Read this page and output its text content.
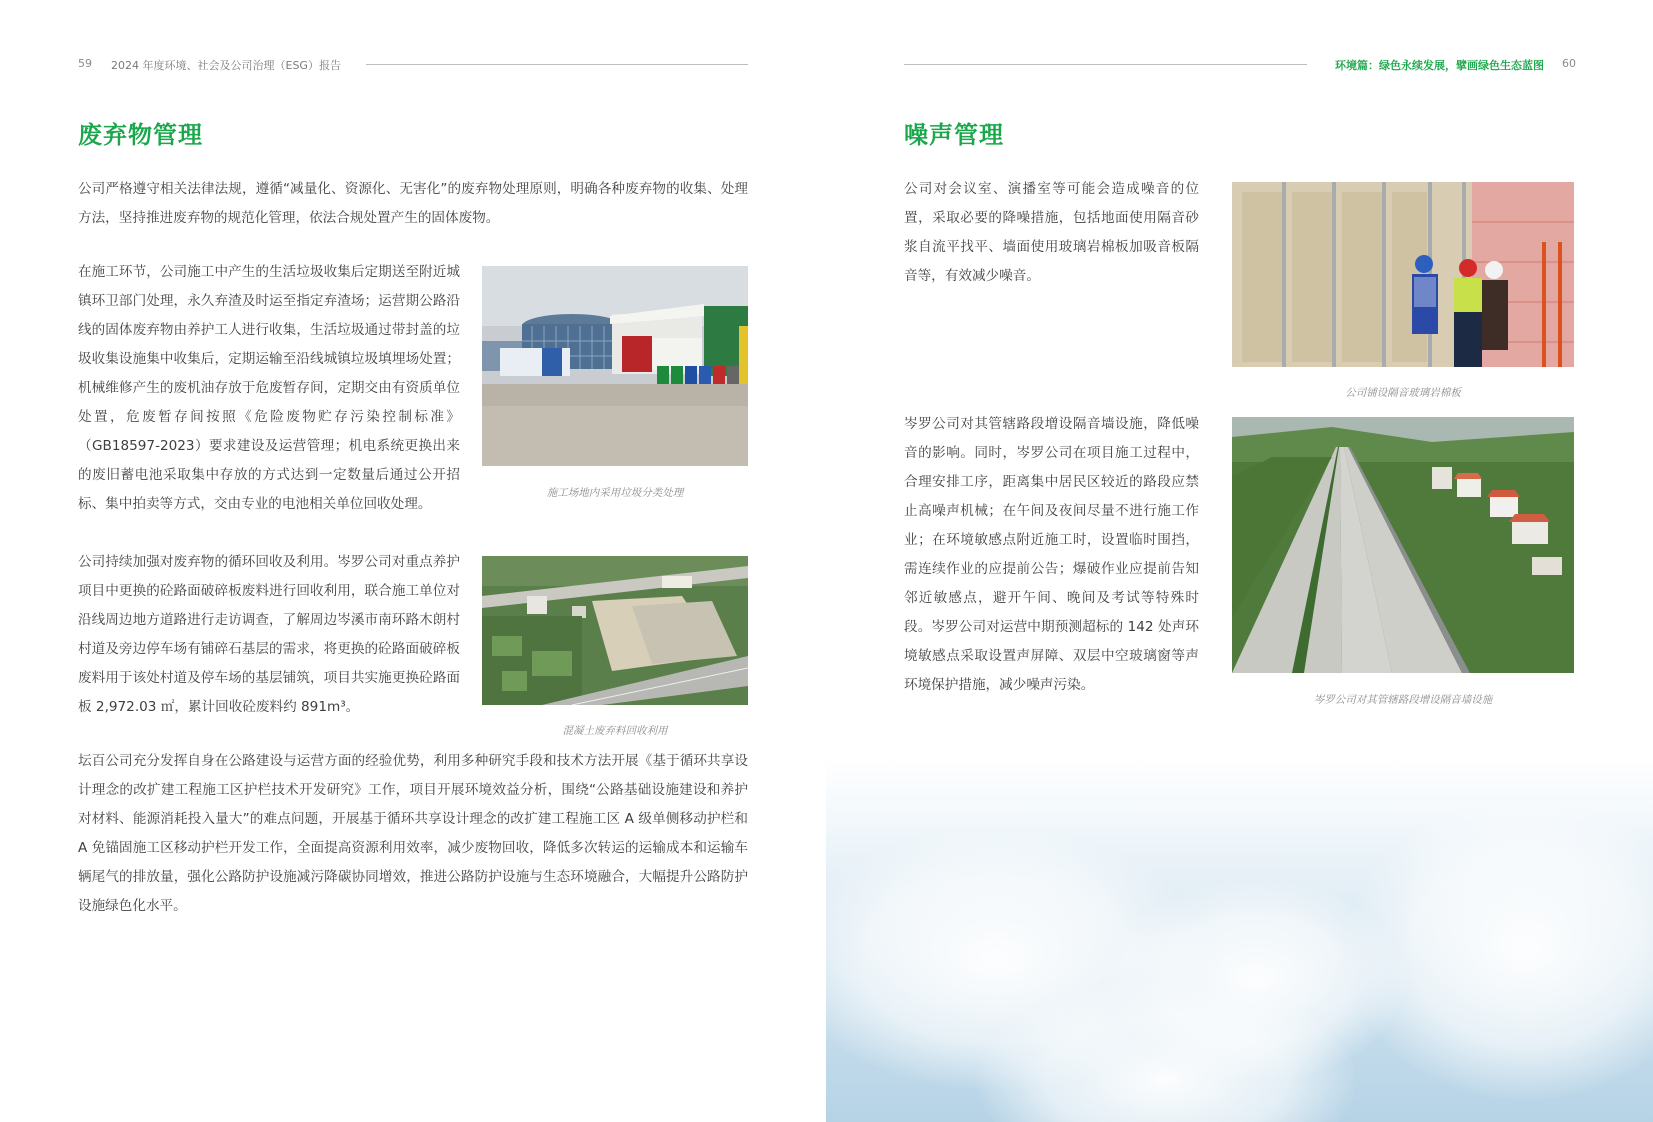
59 2024 年度环境、社会及公司治理（ESG）报告
废弃物管理

公司严格遵守相关法律法规，遵循“减量化、资源化、无害化”的废弃物处理原则，明确各种废弃物的收集、处理方法，坚持推进废弃物的规范化管理，依法合规处置产生的固体废物。

在施工环节，公司施工中产生的生活垃圾收集后定期送至附近城镇环卫部门处理，永久弃渣及时运至指定弃渣场；运营期公路沿线的固体废弃物由养护工人进行收集，生活垃圾通过带封盖的垃圾收集设施集中收集后，定期运输至沿线城镇垃圾填埋场处置；机械维修产生的废机油存放于危废暂存间，定期交由有资质单位处置，危废暂存间按照《危险废物贮存污染控制标准》（GB18597-2023）要求建设及运营管理；机电系统更换出来的废旧蓄电池采取集中存放的方式达到一定数量后通过公开招标、集中拍卖等方式，交由专业的电池相关单位回收处理。

施工场地内采用垃圾分类处理

公司持续加强对废弃物的循环回收及利用。岑罗公司对重点养护项目中更换的砼路面破碎板废料进行回收利用，联合施工单位对沿线周边地方道路进行走访调查，了解周边岑溪市南环路木朗村村道及旁边停车场有铺碎石基层的需求，将更换的砼路面破碎板废料用于该处村道及停车场的基层铺筑，项目共实施更换砼路面板 2,972.03 ㎡，累计回收砼废料约 891m³。

混凝土废弃料回收利用

坛百公司充分发挥自身在公路建设与运营方面的经验优势，利用多种研究手段和技术方法开展《基于循环共享设计理念的改扩建工程施工区护栏技术开发研究》工作，项目开展环境效益分析，围绕“公路基础设施建设和养护对材料、能源消耗投入量大”的难点问题，开展基于循环共享设计理念的改扩建工程施工区 A 级单侧移动护栏和 A 免锚固施工区移动护栏开发工作，全面提高资源利用效率，减少废物回收，降低多次转运的运输成本和运输车辆尾气的排放量，强化公路防护设施减污降碳协同增效，推进公路防护设施与生态环境融合，大幅提升公路防护设施绿色化水平。

环境篇：绿色永续发展，擘画绿色生态蓝图 60
噪声管理

公司对会议室、演播室等可能会造成噪音的位置，采取必要的降噪措施，包括地面使用隔音砂浆自流平找平、墙面使用玻璃岩棉板加吸音板隔音等，有效减少噪音。

公司铺设隔音玻璃岩棉板

岑罗公司对其管辖路段增设隔音墙设施，降低噪音的影响。同时，岑罗公司在项目施工过程中，合理安排工序，距离集中居民区较近的路段应禁止高噪声机械；在午间及夜间尽量不进行施工作业；在环境敏感点附近施工时，设置临时围挡，需连续作业的应提前公告；爆破作业应提前告知邻近敏感点，避开午间、晚间及考试等特殊时段。岑罗公司对运营中期预测超标的 142 处声环境敏感点采取设置声屏障、双层中空玻璃窗等声环境保护措施，减少噪声污染。

岑罗公司对其管辖路段增设隔音墙设施
